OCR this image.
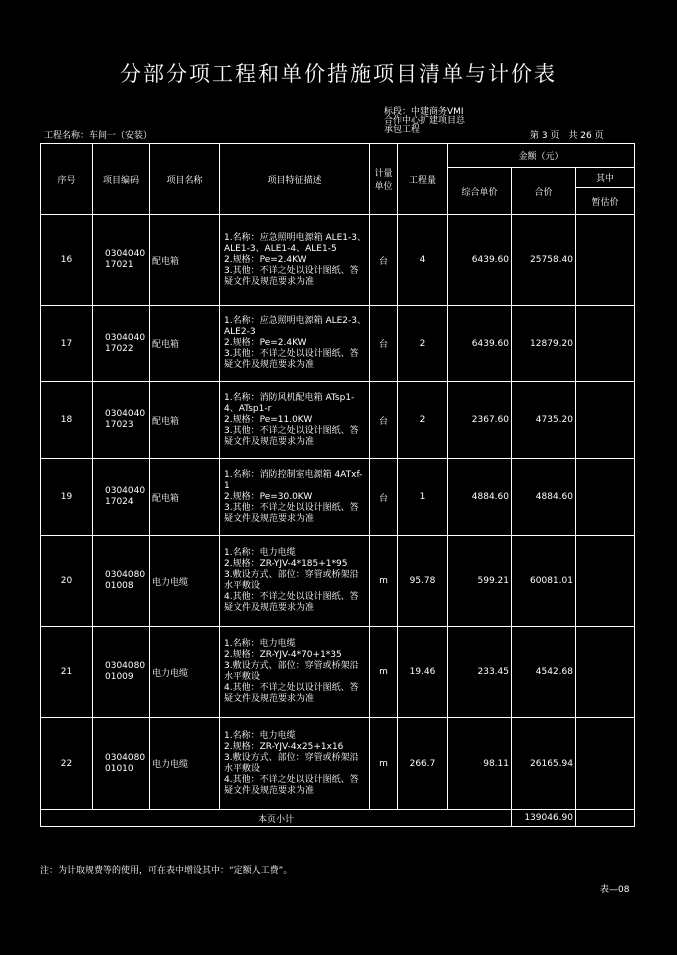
分部分项工程和单价措施项目清单与计价表
标段：中建商务VMI
合作中心扩建项目总
承包工程
工程名称：车间一（安装）	第 3 页　共 26 页
序号	项目编码	项目名称	项目特征描述	计量单位	工程量	金额（元）		
						综合单价	合价	其中
								暂估价
16	030404017021	配电箱	1.名称：应急照明电源箱 ALE1-3、ALE1-3、ALE1-4、ALE1-5
2.规格：Pe=2.4KW
3.其他：不详之处以设计图纸、答疑文件及规范要求为准	台	4	6439.60	25758.40	
17	030404017022	配电箱	1.名称：应急照明电源箱 ALE2-3、ALE2-3
2.规格：Pe=2.4KW
3.其他：不详之处以设计图纸、答疑文件及规范要求为准	台	2	6439.60	12879.20	
18	030404017023	配电箱	1.名称：消防风机配电箱 ATsp1-4、ATsp1-r
2.规格：Pe=11.0KW
3.其他：不详之处以设计图纸、答疑文件及规范要求为准	台	2	2367.60	4735.20	
19	030404017024	配电箱	1.名称：消防控制室电源箱 4ATxf-1
2.规格：Pe=30.0KW
3.其他：不详之处以设计图纸、答疑文件及规范要求为准	台	1	4884.60	4884.60	
20	030408001008	电力电缆	1.名称：电力电缆
2.规格：ZR-YJV-4*185+1*95
3.敷设方式、部位：穿管或桥架沿水平敷设
4.其他：不详之处以设计图纸、答疑文件及规范要求为准	m	95.78	599.21	60081.01	
21	030408001009	电力电缆	1.名称：电力电缆
2.规格：ZR-YJV-4*70+1*35
3.敷设方式、部位：穿管或桥架沿水平敷设
4.其他：不详之处以设计图纸、答疑文件及规范要求为准	m	19.46	233.45	4542.68	
22	030408001010	电力电缆	1.名称：电力电缆
2.规格：ZR-YJV-4x25+1x16
3.敷设方式、部位：穿管或桥架沿水平敷设
4.其他：不详之处以设计图纸、答疑文件及规范要求为准	m	266.7	98.11	26165.94	
本页小计							139046.90	
注：为计取规费等的使用，可在表中增设其中：“定额人工费”。
表—08
